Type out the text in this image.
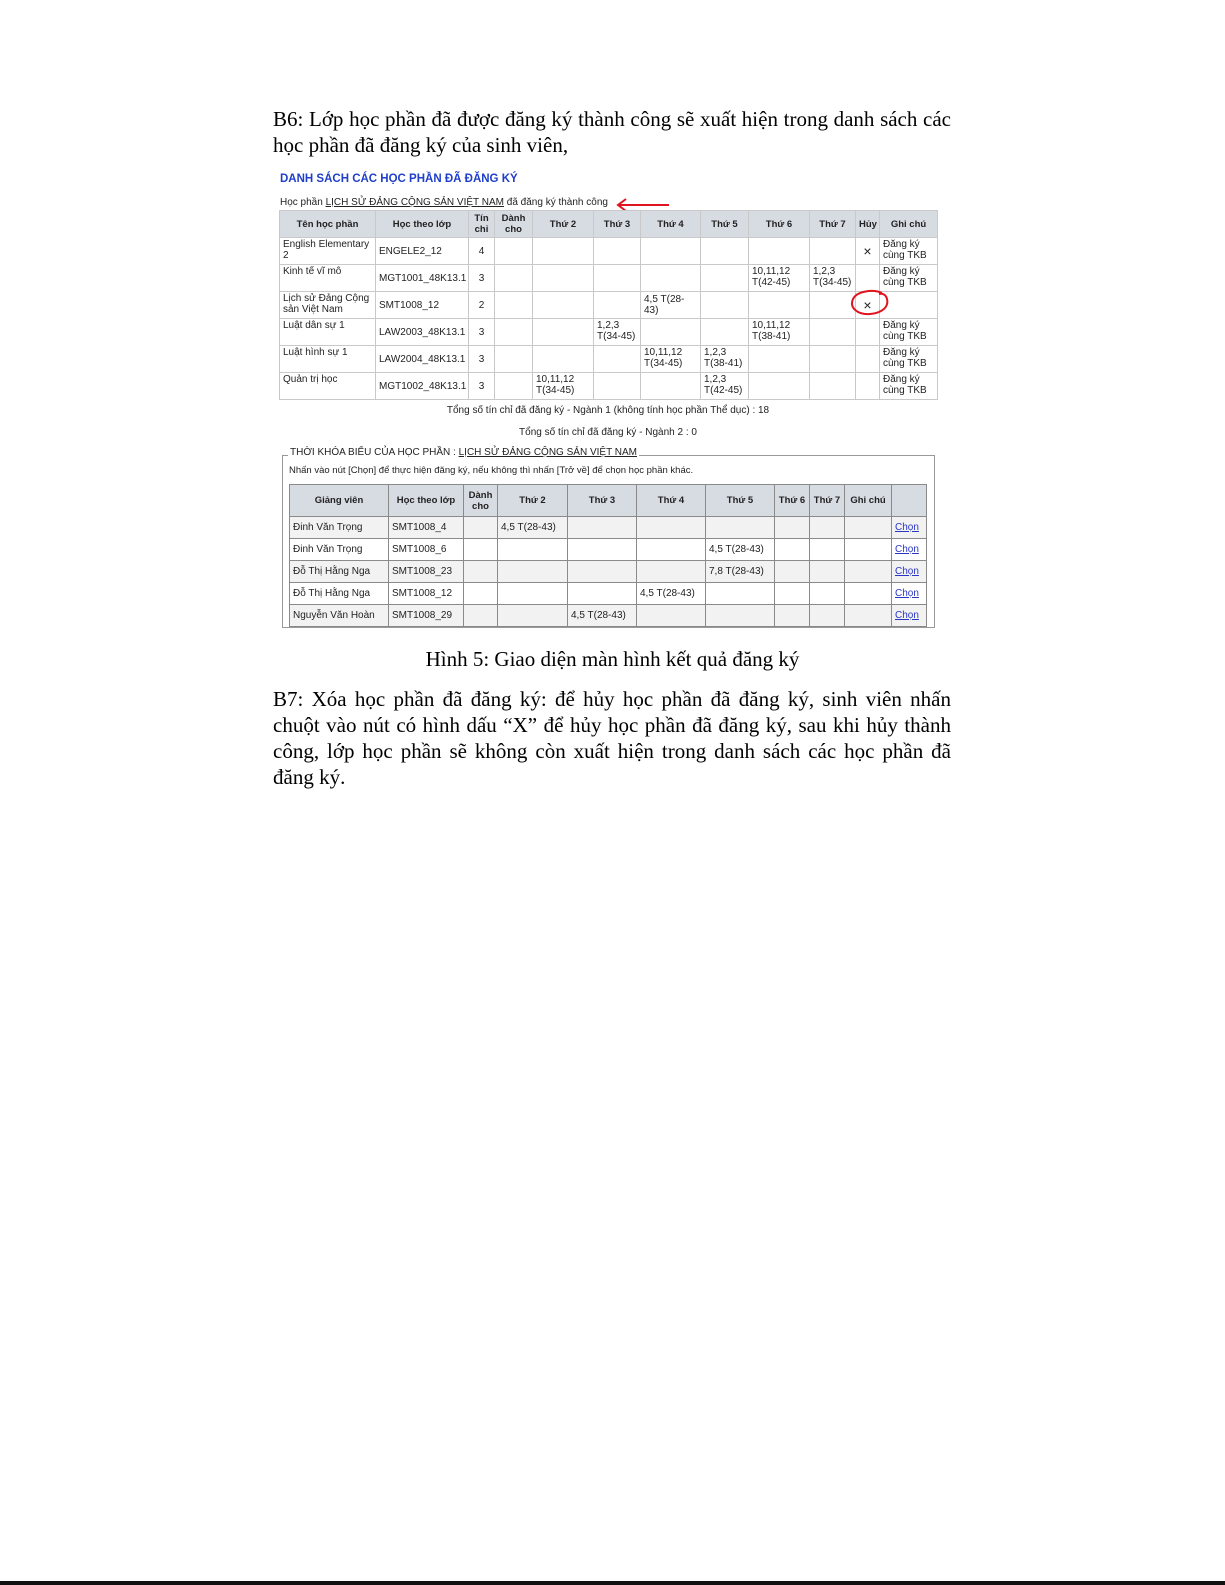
B6: Lớp học phần đã được đăng ký thành công sẽ xuất hiện trong danh sách các
học phần đã đăng ký của sinh viên,
DANH SÁCH CÁC HỌC PHẦN ĐÃ ĐĂNG KÝ
Học phần LỊCH SỬ ĐẢNG CỘNG SẢN VIỆT NAM đã đăng ký thành công
Tên học phần	Học theo lớp	Tín chỉ	Dành cho	Thứ 2	Thứ 3	Thứ 4	Thứ 5	Thứ 6	Thứ 7	Hủy	Ghi chú
English Elementary 2	ENGELE2_12	4								×	Đăng ký cùng TKB
Kinh tế vĩ mô	MGT1001_48K13.1	3						10,11,12 T(42-45)	1,2,3 T(34-45)		Đăng ký cùng TKB
Lịch sử Đảng Cộng sản Việt Nam	SMT1008_12	2				4,5 T(28-43)				×	
Luật dân sự 1	LAW2003_48K13.1	3			1,2,3 T(34-45)			10,11,12 T(38-41)			Đăng ký cùng TKB
Luật hình sự 1	LAW2004_48K13.1	3				10,11,12 T(34-45)	1,2,3 T(38-41)				Đăng ký cùng TKB
Quản trị học	MGT1002_48K13.1	3		10,11,12 T(34-45)			1,2,3 T(42-45)				Đăng ký cùng TKB
Tổng số tín chỉ đã đăng ký - Ngành 1 (không tính học phần Thể dục) : 18
Tổng số tín chỉ đã đăng ký - Ngành 2 : 0
THỜI KHÓA BIỂU CỦA HỌC PHẦN : LỊCH SỬ ĐẢNG CỘNG SẢN VIỆT NAM
Nhấn vào nút [Chọn] để thực hiện đăng ký, nếu không thì nhấn [Trở về] để chọn học phần khác.
Giảng viên	Học theo lớp	Dành cho	Thứ 2	Thứ 3	Thứ 4	Thứ 5	Thứ 6	Thứ 7	Ghi chú	
Đinh Văn Trọng	SMT1008_4		4,5 T(28-43)							Chọn
Đinh Văn Trọng	SMT1008_6					4,5 T(28-43)				Chọn
Đỗ Thị Hằng Nga	SMT1008_23					7,8 T(28-43)				Chọn
Đỗ Thị Hằng Nga	SMT1008_12				4,5 T(28-43)					Chọn
Nguyễn Văn Hoàn	SMT1008_29			4,5 T(28-43)						Chọn
Hình 5: Giao diện màn hình kết quả đăng ký
B7: Xóa học phần đã đăng ký: để hủy học phần đã đăng ký, sinh viên nhấn
chuột vào nút có hình dấu “X” để hủy học phần đã đăng ký, sau khi hủy thành
công, lớp học phần sẽ không còn xuất hiện trong danh sách các học phần đã
đăng ký.
